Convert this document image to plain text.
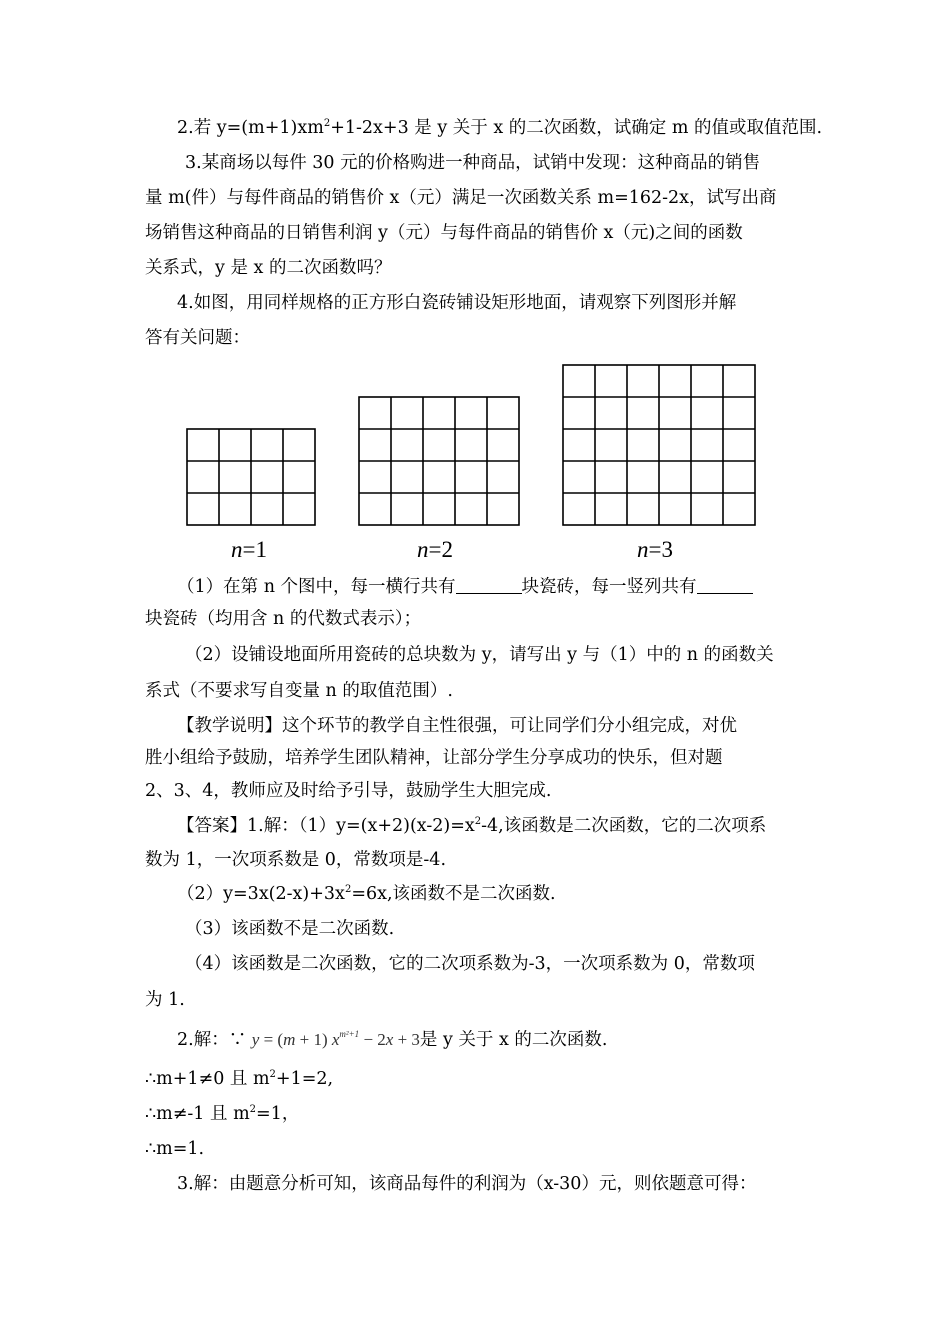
2.若 $y=(m+1)xm^2+1-2x+3$ 是 y 关于 x 的二次函数，试确定 m 的值或取值范围.
3.某商场以每件 30 元的价格购进一种商品，试销中发现：这种商品的销售
量 m(件）与每件商品的销售价 x（元）满足一次函数关系 m=162-2x，试写出商
场销售这种商品的日销售利润 y（元）与每件商品的销售价 x（元)之间的函数
关系式，y 是 x 的二次函数吗？
4.如图，用同样规格的正方形白瓷砖铺设矩形地面，请观察下列图形并解
答有关问题：
n=1	n=2	n=3
（1）在第 n 个图中，每一横行共有	块瓷砖，每一竖列共有
块瓷砖（均用含 n 的代数式表示）；
（2）设铺设地面所用瓷砖的总块数为 y，请写出 y 与（1）中的 n 的函数关
系式（不要求写自变量 n 的取值范围）.
【教学说明】这个环节的教学自主性很强，可让同学们分小组完成，对优
胜小组给予鼓励，培养学生团队精神，让部分学生分享成功的快乐，但对题
2、3、4，教师应及时给予引导，鼓励学生大胆完成.
【答案】1.解：$(1)y=(x+2)(x-2)=x^2-4$,该函数是二次函数，它的二次项系
数为 1，一次项系数是 0，常数项是-4.
$(2)y=3x(2-x)+3x^2=6x$,该函数不是二次函数.
（3）该函数不是二次函数.
（4）该函数是二次函数，它的二次项系数为-3，一次项系数为 0，常数项
为 1.
2.解：∵ y = (m + 1) $x^{m^2+1} - 2x + 3$是 y 关于 x 的二次函数.
∴m+1≠0 且 $m^2+1=2$,
∴m≠-1 且 $m^2=1$，
∴m=1.
3.解：由题意分析可知，该商品每件的利润为（x-30）元，则依题意可得：
